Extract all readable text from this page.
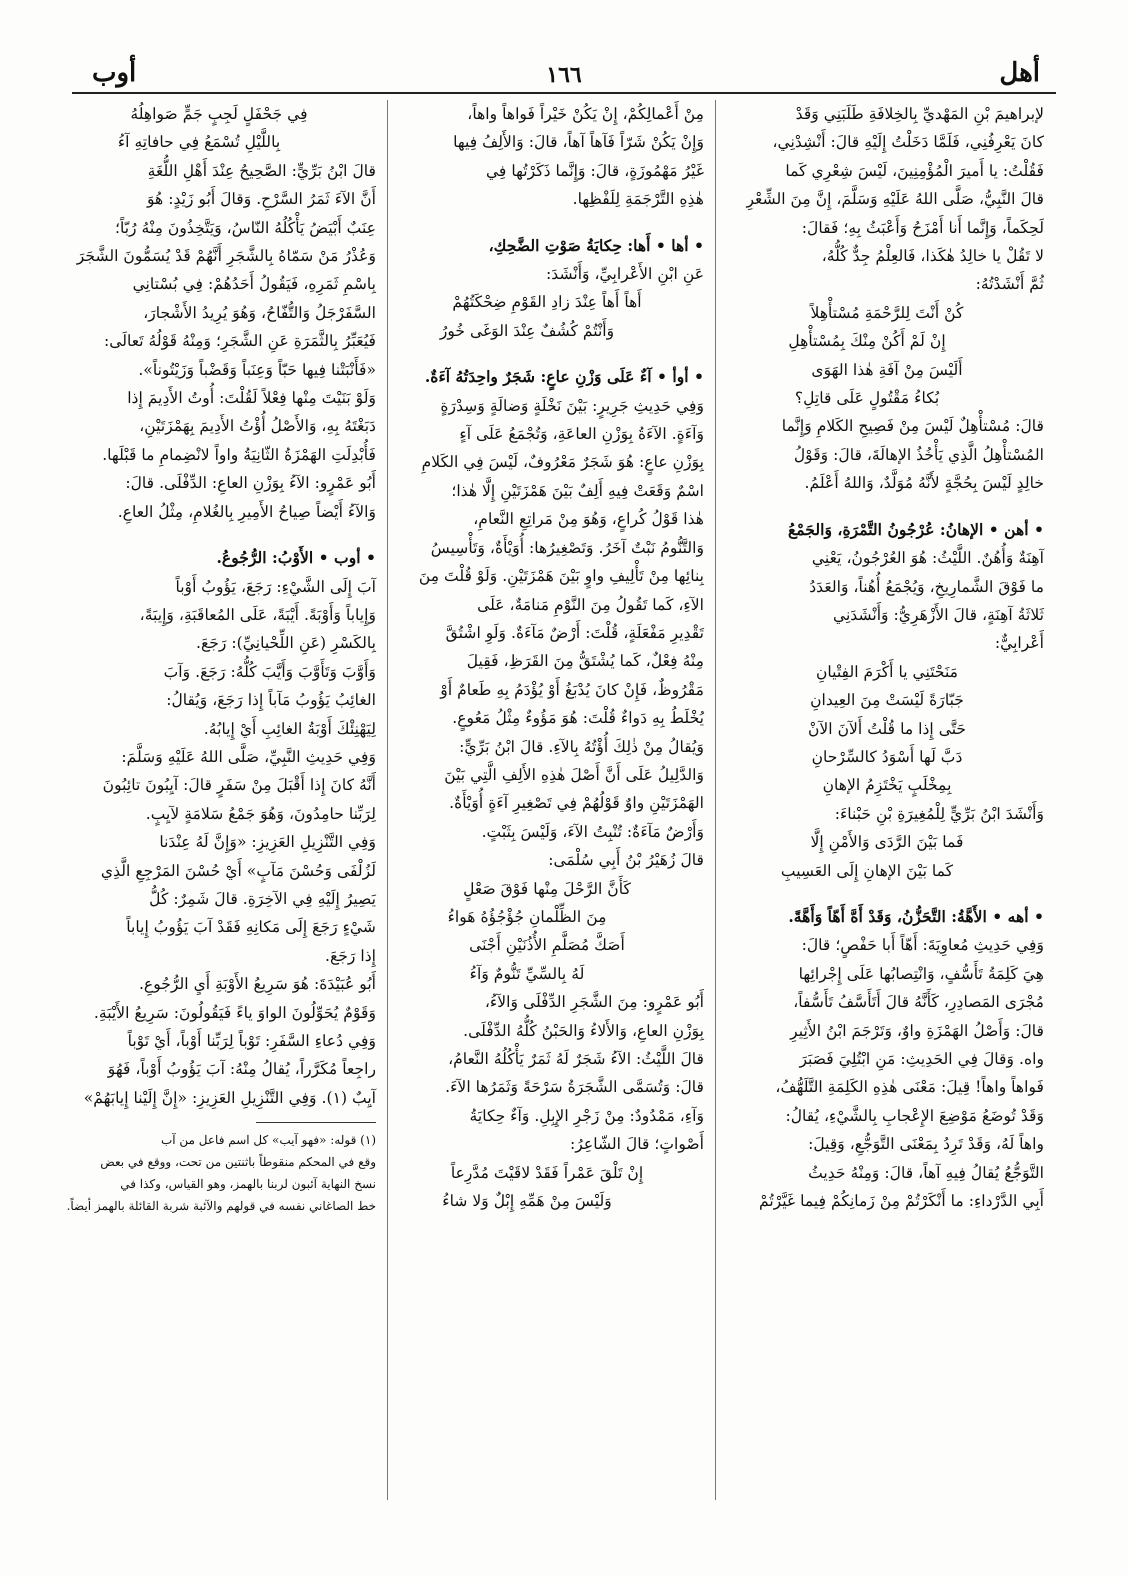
أهل
١٦٦
أوب

لإبراهيمَ بْنِ المَهْديِّ بِالخِلافَةِ طَلَبَنِي وَقَدْ

كانَ يَعْرِفُنِي، فَلَمَّا دَخَلْتُ إِلَيْهِ قالَ: أَنْشِدْنِي،

فَقُلْتُ: يا أَميرَ الْمُؤْمِنِينَ، لَيْسَ شِعْرِي كَما

قالَ النَّبِيُّ، صَلَّى اللهُ عَلَيْهِ وَسَلَّمَ، إِنَّ مِنَ الشِّعْرِ

لَحِكَماً، وَإِنَّما أَنا أَمْزَحُ وَأَعْبَثُ بِهِ؛ فَقالَ:

لا تَقُلْ يا خالِدُ هٰكَذا، فَالعِلْمُ جِدٌّ كُلُّهُ،

ثُمَّ أَنْشَدْتُهُ:

كُنْ أَنْتَ لِلرَّحْمَةِ مُسْتأْهِلاً

إِنْ لَمْ أَكُنْ مِنْكَ بِمُسْتأْهِلِ

أَلَيْسَ مِنْ آفَةِ هٰذا الهَوَى

بُكاءُ مَقْتُولٍ عَلَى قاتِلِ؟

قالَ: مُسْتأْهِلٌ لَيْسَ مِنْ فَصِيحِ الكَلامِ وَإِنَّما

المُسْتأْهِلُ الَّذِي يَأْخُذُ الإهالَةَ، قالَ: وَقَوْلُ

خالِدٍ لَيْسَ بِحُجَّةٍ لأَنَّهُ مُوَلَّدٌ، وَاللهُ أَعْلَمُ.

• أهن • الإهانُ: عُرْجُونُ التَّمْرَةِ، وَالجَمْعُ

آهِنَةٌ وَأُهُنٌ. اللَّيْثُ: هُوَ العُرْجُونُ، يَعْنِي

ما فَوْقَ الشَّمارِيخِ، وَيُجْمَعُ أُهُناً، وَالعَدَدُ

ثَلاثَةُ آهِنَةٍ، قالَ الأَزْهَرِيُّ: وَأَنْشَدَنِي

أَعْرابِيٌّ:

مَنَحْتَنِي يا أَكْرَمَ الفِتْيانِ

جَبّارَةً لَيْسَتْ مِنَ العِيدانِ

حَتَّى إِذا ما قُلْتُ أَلآنَ الآنْ

دَبَّ لَها أَسْوَدُ كالسِّرْحانِ

بِمِخْلَبٍ يَخْتَزِمُ الإهانِ

وَأَنْشَدَ ابْنُ بَرِّيٍّ لِلْمُغِيرَةِ بْنِ حَبْناءَ:

فَما بَيْنَ الرَّدَى وَالأَمْنِ إِلَّا

كَما بَيْنَ الإهانِ إِلَى العَسِيبِ

• أهه • الأَهَّةُ: التَّحَزُّنُ، وَقَدْ أَهَّ أَهّاً وَأَهَّةً.

وَفِي حَدِيثِ مُعاوِيَةَ: أَهّاً أَبا حَفْصٍ؛ قالَ:

هِيَ كَلِمَةُ تَأَسُّفٍ، وَانْتِصابُها عَلَى إِجْرائِها

مُجْرَى المَصادِرِ، كَأَنَّهُ قالَ أَتَأَسَّفُ تَأَسُّفاً،

قالَ: وَأَصْلُ الهَمْزَةِ واوٌ، وَتَرْجَمَ ابْنُ الأَثِيرِ

واه. وَقالَ فِي الحَدِيثِ: مَنِ ابْتُلِيَ فَصَبَرَ

فَواهاً واهاً! قِيلَ: مَعْنَى هٰذِهِ الكَلِمَةِ التَّلَهُّفُ،

وَقَدْ تُوضَعُ مَوْضِعَ الإِعْجابِ بِالشَّيْءِ، يُقالُ:

واهاً لَهُ، وَقَدْ تَرِدُ بِمَعْنَى التَّوَجُّعِ، وَقِيلَ:

التَّوَجُّعُ يُقالُ فِيهِ آهاً، قالَ: وَمِنْهُ حَدِيثُ

أَبِي الدَّرْداءِ: ما أَنْكَرْتُمْ مِنْ زَمانِكُمْ فِيما غَيَّرْتُمْ

مِنْ أَعْمالِكُمْ، إِنْ يَكُنْ خَيْراً فَواهاً واهاً،

وَإِنْ يَكُنْ شَرّاً فَآهاً آهاً، قالَ: وَالأَلِفُ فِيها

غَيْرُ مَهْمُوزَةٍ، قالَ: وَإِنَّما ذَكَرْتُها فِي

هٰذِهِ التَّرْجَمَةِ لِلَفْظِها.

• أها • أَها: حِكايَةُ صَوْتِ الضَّحِكِ،

عَنِ ابْنِ الأَعْرابِيِّ، وَأَنْشَدَ:

أَهاً أَهاً عِنْدَ زادِ القَوْمِ ضِحْكَتُهُمْ

وَأَنْتُمْ كُشُفٌ عِنْدَ الوَغَى خُورُ

• أوأ • آءٌ عَلَى وَزْنِ عاعٍ: شَجَرٌ واحِدَتُهُ آءَةٌ.

وَفِي حَدِيثِ جَرِيرٍ: بَيْنَ نَخْلَةٍ وَضالَةٍ وَسِدْرَةٍ

وَآءَةٍ. الآءَةُ بِوَزْنِ العاعَةِ، وَتُجْمَعُ عَلَى آءٍ

بِوَزْنِ عاعٍ: هُوَ شَجَرٌ مَعْرُوفٌ، لَيْسَ فِي الكَلامِ

اسْمٌ وَقَعَتْ فِيهِ أَلِفٌ بَيْنَ هَمْزَتَيْنِ إِلَّا هٰذا؛

هٰذا قَوْلُ كُراعٍ، وَهُوَ مِنْ مَراتِعِ النَّعامِ،

وَالتَّنُّومُ نَبْتٌ آخَرُ. وَتَصْغِيرُها: أُوَيْأَةٌ، وَتَأْسِيسُ

بِنائِها مِنْ تَأْلِيفِ واوٍ بَيْنَ هَمْزَتَيْنِ. وَلَوْ قُلْتَ مِنَ

الآءِ، كَما تَقُولُ مِنَ النَّوْمِ مَنامَةٌ، عَلَى

تَقْدِيرِ مَفْعَلَةٍ، قُلْتَ: أَرْضٌ مَآءَةٌ. وَلَوِ اشْتُقَّ

مِنْهُ فِعْلٌ، كَما يُشْتَقُّ مِنَ القَرَظِ، فَقِيلَ

مَقْرُوظٌ، فَإِنْ كانَ يُدْبَغُ أَوْ يُؤْدَمُ بِهِ طَعامٌ أَوْ

يُخْلَطُ بِهِ دَواءٌ قُلْتَ: هُوَ مَؤُوءٌ مِثْلُ مَعُوعٍ.

وَيُقالُ مِنْ ذٰلِكَ أُؤْتُهُ بِالآءِ. قالَ ابْنُ بَرِّيٍّ:

وَالدَّلِيلُ عَلَى أَنَّ أَصْلَ هٰذِهِ الأَلِفِ الَّتِي بَيْنَ

الهَمْزَتَيْنِ واوٌ قَوْلُهُمْ فِي تَصْغِيرِ آءَةٍ أُوَيْأَةٌ.

وَأَرْضٌ مَآءَةٌ: تُنْبِتُ الآءَ، وَلَيْسَ بِثَبْتٍ.

قالَ زُهَيْرُ بْنُ أَبِي سُلْمَى:

كَأَنَّ الرَّحْلَ مِنْها فَوْقَ صَعْلٍ

مِنَ الظِّلْمانِ جُؤْجُؤُهُ هَواءُ

أَصَكَّ مُصَلَّمِ الأُذُنَيْنِ أَجْنَى

لَهُ بِالسِّيِّ تَنُّومٌ وَآءُ

أَبُو عَمْرٍو: مِنَ الشَّجَرِ الدِّفْلَى وَالآءُ،

بِوَزْنِ العاعِ، وَالأَلاءُ وَالحَبْنُ كُلُّهُ الدِّفْلَى.

قالَ اللَّيْثُ: الآءُ شَجَرٌ لَهُ ثَمَرٌ يَأْكُلُهُ النَّعامُ،

قالَ: وَتُسَمَّى الشَّجَرَةُ سَرْحَةً وَثَمَرُها الآءَ.

وَآءِ، مَمْدُودٌ: مِنْ زَجْرِ الإِبِلِ. وَآءٌ حِكايَةُ

أَصْواتٍ؛ قالَ الشّاعِرُ:

إِنْ تَلْقَ عَمْراً فَقَدْ لاقَيْتَ مُدَّرِعاً

وَلَيْسَ مِنْ هَمِّهِ إِبْلٌ وَلا شاءُ

فِي جَحْفَلٍ لَجِبٍ جَمٍّ صَواهِلُهُ

بِاللَّيْلِ تُسْمَعُ فِي حافاتِهِ آءُ

قالَ ابْنُ بَرِّيٍّ: الصَّحِيحُ عِنْدَ أَهْلِ اللُّغَةِ

أَنَّ الآءَ ثَمَرُ السَّرْحِ. وَقالَ أَبُو زَيْدٍ: هُوَ

عِنَبٌ أَبْيَضُ يَأْكُلُهُ النّاسُ، وَيَتَّخِذُونَ مِنْهُ رُبّاً؛

وَعُذْرُ مَنْ سَمّاهُ بِالشَّجَرِ أَنَّهُمْ قَدْ يُسَمُّونَ الشَّجَرَ

بِاسْمِ ثَمَرِهِ، فَيَقُولُ أَحَدُهُمْ: فِي بُسْتانِي

السَّفَرْجَلُ وَالتُّفّاحُ، وَهُوَ يُرِيدُ الأَشْجارَ،

فَيُعَبِّرُ بِالثَّمَرَةِ عَنِ الشَّجَرِ؛ وَمِنْهُ قَوْلُهُ تَعالَى:

«فَأَنْبَتْنا فِيها حَبّاً وَعِنَباً وَقَضْباً وَزَيْتُوناً».

وَلَوْ بَنَيْتَ مِنْها فِعْلاً لَقُلْتَ: أُوتُ الأَدِيمَ إِذا

دَبَغْتَهُ بِهِ، وَالأَصْلُ أُؤْتُ الأَدِيمَ بِهَمْزَتَيْنِ،

فَأُبْدِلَتِ الهَمْزَةُ الثّانِيَةُ واواً لانْضِمامِ ما قَبْلَها.

أَبُو عَمْرٍو: الآءُ بِوَزْنِ العاعِ: الدِّفْلَى. قالَ:

وَالآءُ أَيْضاً صِياحُ الأَمِيرِ بِالغُلامِ، مِثْلُ العاعِ.

• أوب • الأَوْبُ: الرُّجُوعُ.

آبَ إِلَى الشَّيْءِ: رَجَعَ، يَؤُوبُ أَوْباً

وَإِياباً وَأَوْبَةً. أَيْبَةً، عَلَى المُعاقَبَةِ، وَإِيبَةً،

بِالكَسْرِ (عَنِ اللِّحْيانِيِّ): رَجَعَ.

وَأَوَّبَ وَتَأَوَّبَ وَأَيَّبَ كُلُّهُ: رَجَعَ. وَآبَ

الغائِبُ يَؤُوبُ مَآباً إِذا رَجَعَ، وَيُقالُ:

لِيَهْنِئْكَ أَوْبَةُ الغائِبِ أَيْ إِيابُهُ.

وَفِي حَدِيثِ النَّبِيِّ، صَلَّى اللهُ عَلَيْهِ وَسَلَّمَ:

أَنَّهُ كانَ إِذا أَقْبَلَ مِنْ سَفَرٍ قالَ: آيِبُونَ تائِبُونَ

لِرَبِّنا حامِدُونَ، وَهُوَ جَمْعُ سَلامَةٍ لآيِبٍ.

وَفِي التَّنْزِيلِ العَزِيزِ: «وَإِنَّ لَهُ عِنْدَنا

لَزُلْفَى وَحُسْنَ مَآبٍ» أَيْ حُسْنَ المَرْجِعِ الَّذِي

يَصِيرُ إِلَيْهِ فِي الآخِرَةِ. قالَ شَمِرٌ: كُلُّ

شَيْءٍ رَجَعَ إِلَى مَكانِهِ فَقَدْ آبَ يَؤُوبُ إِياباً

إِذا رَجَعَ.

أَبُو عُبَيْدَةَ: هُوَ سَرِيعُ الأَوْبَةِ أَيِ الرُّجُوعِ.

وَقَوْمٌ يُحَوِّلُونَ الواوَ ياءً فَيَقُولُونَ: سَرِيعُ الأَيْبَةِ.

وَفِي دُعاءِ السَّفَرِ: تَوْباً لِرَبِّنا أَوْباً، أَيْ تَوْباً

راجِعاً مُكَرَّراً، يُقالُ مِنْهُ: آبَ يَؤُوبُ أَوْباً، فَهُوَ

آيِبٌ (١). وَفِي التَّنْزِيلِ العَزِيزِ: «إِنَّ إِلَيْنا إِيابَهُمْ»

(١) قوله: «فهو آيب» كل اسم فاعل من آب

وقع في المحكم منقوطاً باثنتين من تحت، ووقع في بعض

نسخ النهاية آئبون لربنا بالهمز، وهو القياس، وكذا في

خط الصاغاني نفسه في قولهم والآئبة شربة القائلة بالهمز أيضاً.
